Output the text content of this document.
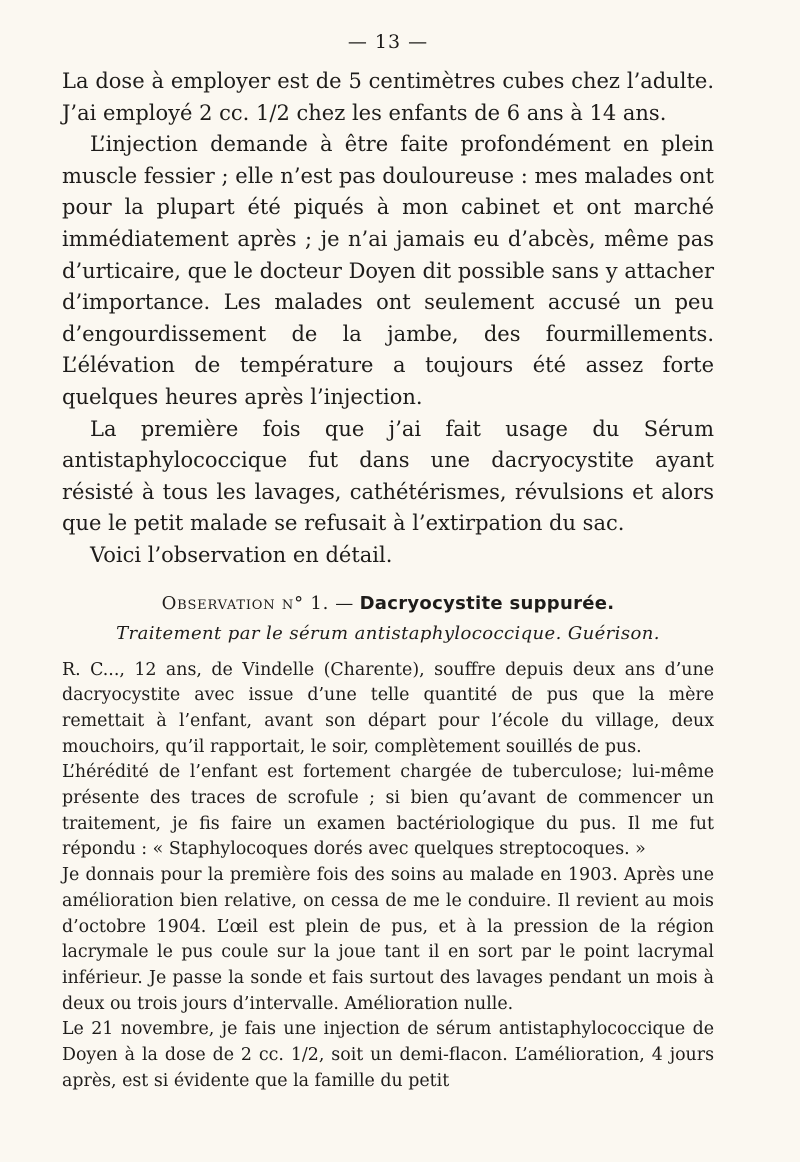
— 13 —

La dose à employer est de 5 centimètres cubes chez l’adulte. J’ai employé 2 cc. 1/2 chez les enfants de 6 ans à 14 ans.

L’injection demande à être faite profondément en plein muscle fessier ; elle n’est pas douloureuse : mes malades ont pour la plupart été piqués à mon cabinet et ont marché immédiatement après ; je n’ai jamais eu d’abcès, même pas d’urticaire, que le docteur Doyen dit possible sans y attacher d’importance. Les malades ont seulement accusé un peu d’engourdissement de la jambe, des fourmillements. L’élévation de température a toujours été assez forte quelques heures après l’injection.

La première fois que j’ai fait usage du Sérum antistaphylococcique fut dans une dacryocystite ayant résisté à tous les lavages, cathétérismes, révulsions et alors que le petit malade se refusait à l’extirpation du sac.

Voici l’observation en détail.

Observation n° 1. — Dacryocystite suppurée.
Traitement par le sérum antistaphylococcique. Guérison.

R. C..., 12 ans, de Vindelle (Charente), souffre depuis deux ans d’une dacryocystite avec issue d’une telle quantité de pus que la mère remettait à l’enfant, avant son départ pour l’école du village, deux mouchoirs, qu’il rapportait, le soir, complètement souillés de pus.

L’hérédité de l’enfant est fortement chargée de tuberculose; lui-même présente des traces de scrofule ; si bien qu’avant de commencer un traitement, je fis faire un examen bactériologique du pus. Il me fut répondu : « Staphylocoques dorés avec quelques streptocoques. »

Je donnais pour la première fois des soins au malade en 1903. Après une amélioration bien relative, on cessa de me le conduire. Il revient au mois d’octobre 1904. L’œil est plein de pus, et à la pression de la région lacrymale le pus coule sur la joue tant il en sort par le point lacrymal inférieur. Je passe la sonde et fais surtout des lavages pendant un mois à deux ou trois jours d’intervalle. Amélioration nulle.

Le 21 novembre, je fais une injection de sérum antistaphylococcique de Doyen à la dose de 2 cc. 1/2, soit un demi-flacon. L’amélioration, 4 jours après, est si évidente que la famille du petit
